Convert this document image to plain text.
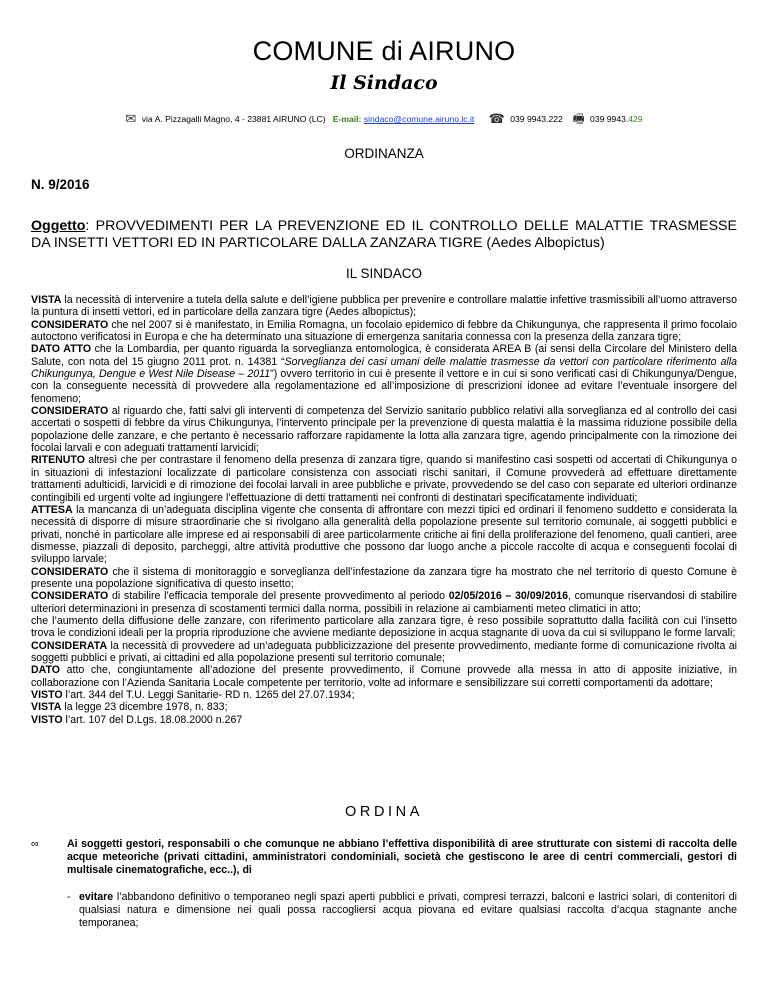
COMUNE di AIRUNO
Il Sindaco
✉ via A. Pizzagalli Magno, 4 - 23881 AIRUNO (LC) E-mail: sindaco@comune.airuno.lc.it ☎ 039 9943.222 🖷 039 9943.429
ORDINANZA
N. 9/2016
Oggetto: PROVVEDIMENTI PER LA PREVENZIONE ED IL CONTROLLO DELLE MALATTIE TRASMESSE DA INSETTI VETTORI ED IN PARTICOLARE DALLA ZANZARA TIGRE (Aedes Albopictus)
IL SINDACO

VISTA la necessità di intervenire a tutela della salute e dell’igiene pubblica per prevenire e controllare malattie infettive trasmissibili all’uomo attraverso la puntura di insetti vettori, ed in particolare della zanzara tigre (Aedes albopictus);

CONSIDERATO che nel 2007 si è manifestato, in Emilia Romagna, un focolaio epidemico di febbre da Chikungunya, che rappresenta il primo focolaio autoctono verificatosi in Europa e che ha determinato una situazione di emergenza sanitaria connessa con la presenza della zanzara tigre;

DATO ATTO che la Lombardia, per quanto riguarda la sorveglianza entomologica, è considerata AREA B (ai sensi della Circolare del Ministero della Salute, con nota del 15 giugno 2011 prot. n. 14381 “Sorveglianza dei casi umani delle malattie trasmesse da vettori con particolare riferimento alla Chikungunya, Dengue e West Nile Disease – 2011”) ovvero territorio in cui è presente il vettore e in cui si sono verificati casi di Chikungunya/Dengue, con la conseguente necessità di provvedere alla regolamentazione ed all’imposizione di prescrizioni idonee ad evitare l’eventuale insorgere del fenomeno;

CONSIDERATO al riguardo che, fatti salvi gli interventi di competenza del Servizio sanitario pubblico relativi alla sorveglianza ed al controllo dei casi accertati o sospetti di febbre da virus Chikungunya, l’intervento principale per la prevenzione di questa malattia è la massima riduzione possibile della popolazione delle zanzare, e che pertanto è necessario rafforzare rapidamente la lotta alla zanzara tigre, agendo principalmente con la rimozione dei focolai larvali e con adeguati trattamenti larvicidi;

RITENUTO altresì che per contrastare il fenomeno della presenza di zanzara tigre, quando si manifestino casi sospetti od accertati di Chikungunya o in situazioni di infestazioni localizzate di particolare consistenza con associati rischi sanitari, il Comune provvederà ad effettuare direttamente trattamenti adulticidi, larvicidi e di rimozione dei focolai larvali in aree pubbliche e private, provvedendo se del caso con separate ed ulteriori ordinanze contingibili ed urgenti volte ad ingiungere l’effettuazione di detti trattamenti nei confronti di destinatari specificatamente individuati;

ATTESA la mancanza di un’adeguata disciplina vigente che consenta di affrontare con mezzi tipici ed ordinari il fenomeno suddetto e considerata la necessità di disporre di misure straordinarie che si rivolgano alla generalità della popolazione presente sul territorio comunale, ai soggetti pubblici e privati, nonché in particolare alle imprese ed ai responsabili di aree particolarmente critiche ai fini della proliferazione del fenomeno, quali cantieri, aree dismesse, piazzali di deposito, parcheggi, altre attività produttive che possono dar luogo anche a piccole raccolte di acqua e conseguenti focolai di sviluppo larvale;

CONSIDERATO che il sistema di monitoraggio e sorveglianza dell’infestazione da zanzara tigre ha mostrato che nel territorio di questo Comune è presente una popolazione significativa di questo insetto;

CONSIDERATO di stabilire l’efficacia temporale del presente provvedimento al periodo 02/05/2016 – 30/09/2016, comunque riservandosi di stabilire ulteriori determinazioni in presenza di scostamenti termici dalla norma, possibili in relazione ai cambiamenti meteo climatici in atto;

che l’aumento della diffusione delle zanzare, con riferimento particolare alla zanzara tigre, è reso possibile soprattutto dalla facilità con cui l’insetto trova le condizioni ideali per la propria riproduzione che avviene mediante deposizione in acqua stagnante di uova da cui si sviluppano le forme larvali;

CONSIDERATA la necessità di provvedere ad un’adeguata pubblicizzazione del presente provvedimento, mediante forme di comunicazione rivolta ai soggetti pubblici e privati, ai cittadini ed alla popolazione presenti sul territorio comunale;

DATO atto che, congiuntamente all’adozione del presente provvedimento, il Comune provvede alla messa in atto di apposite iniziative, in collaborazione con l’Azienda Sanitaria Locale competente per territorio, volte ad informare e sensibilizzare sui corretti comportamenti da adottare;

VISTO l’art. 344 del T.U. Leggi Sanitarie- RD n. 1265 del 27.07.1934;

VISTA la legge 23 dicembre 1978, n. 833;

VISTO l’art. 107 del D.Lgs. 18.08.2000 n.267

ORDINA
∞	Ai soggetti gestori, responsabili o che comunque ne abbiano l’effettiva disponibilità di aree strutturate con sistemi di raccolta delle acque meteoriche (privati cittadini, amministratori condominiali, società che gestiscono le aree di centri commerciali, gestori di multisale cinematografiche, ecc..), di
- evitare l’abbandono definitivo o temporaneo negli spazi aperti pubblici e privati, compresi terrazzi, balconi e lastrici solari, di contenitori di qualsiasi natura e dimensione nei quali possa raccogliersi acqua piovana ed evitare qualsiasi raccolta d’acqua stagnante anche temporanea;
